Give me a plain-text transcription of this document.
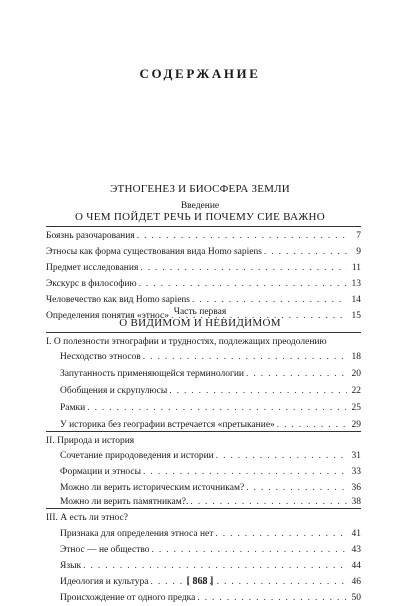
СОДЕРЖАНИЕ
ЭТНОГЕНЕЗ И БИОСФЕРА ЗЕМЛИ
Введение
О ЧЕМ ПОЙДЕТ РЕЧЬ И ПОЧЕМУ СИЕ ВАЖНО
Боязнь разочарования . . .	7
Этносы как форма существования вида Homo sapiens . . .	9
Предмет исследования . . .	11
Экскурс в философию . . .	13
Человечество как вид Homo sapiens . . .	14
Определения понятия «этнос» . . .	15
Часть первая
О ВИДИМОМ И НЕВИДИМОМ
I. О полезности этнографии и трудностях, подлежащих преодолению
Несходство этносов . . .	18
Запутанность применяющейся терминологии . . .	20
Обобщения и скрупулюсы . . .	22
Рамки . . .	25
У историка без географии встречается «претыкание» . . .	29
II. Природа и история
Сочетание природоведения и истории . . .	31
Формации и этносы . . .	33
Можно ли верить историческим источникам? . . .	36
Можно ли верить памятникам?. . . .	38
III. А есть ли этнос?
Признака для определения этноса нет . . .	41
Этнос — не общество . . .	43
Язык . . .	44
Идеология и культура . . .	46
Происхождение от одного предка . . .	50
[ 868 ]
